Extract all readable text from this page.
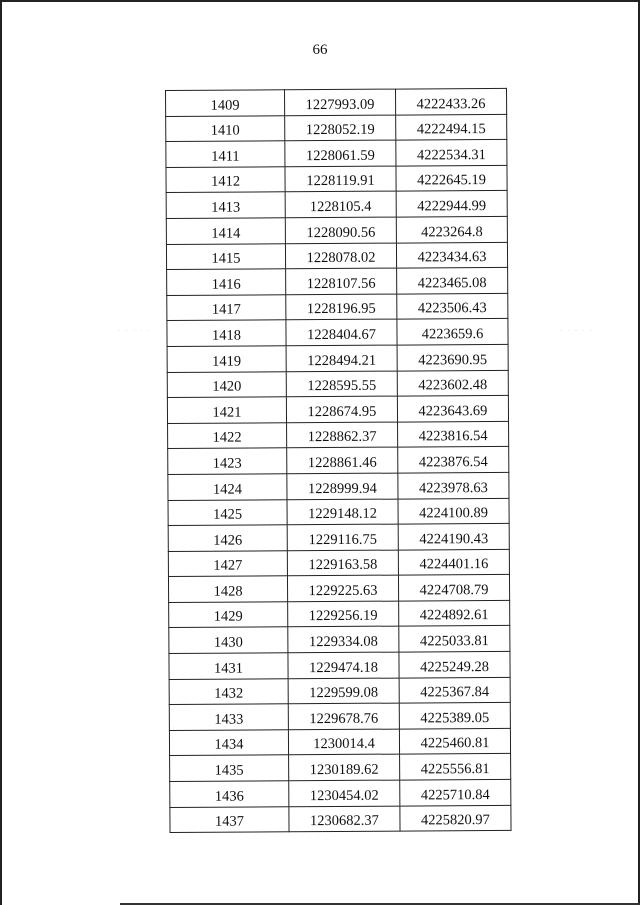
· · · · ·	· · · · ·
66
1409	1227993.09	4222433.26
1410	1228052.19	4222494.15
1411	1228061.59	4222534.31
1412	1228119.91	4222645.19
1413	1228105.4	4222944.99
1414	1228090.56	4223264.8
1415	1228078.02	4223434.63
1416	1228107.56	4223465.08
1417	1228196.95	4223506.43
1418	1228404.67	4223659.6
1419	1228494.21	4223690.95
1420	1228595.55	4223602.48
1421	1228674.95	4223643.69
1422	1228862.37	4223816.54
1423	1228861.46	4223876.54
1424	1228999.94	4223978.63
1425	1229148.12	4224100.89
1426	1229116.75	4224190.43
1427	1229163.58	4224401.16
1428	1229225.63	4224708.79
1429	1229256.19	4224892.61
1430	1229334.08	4225033.81
1431	1229474.18	4225249.28
1432	1229599.08	4225367.84
1433	1229678.76	4225389.05
1434	1230014.4	4225460.81
1435	1230189.62	4225556.81
1436	1230454.02	4225710.84
1437	1230682.37	4225820.97
